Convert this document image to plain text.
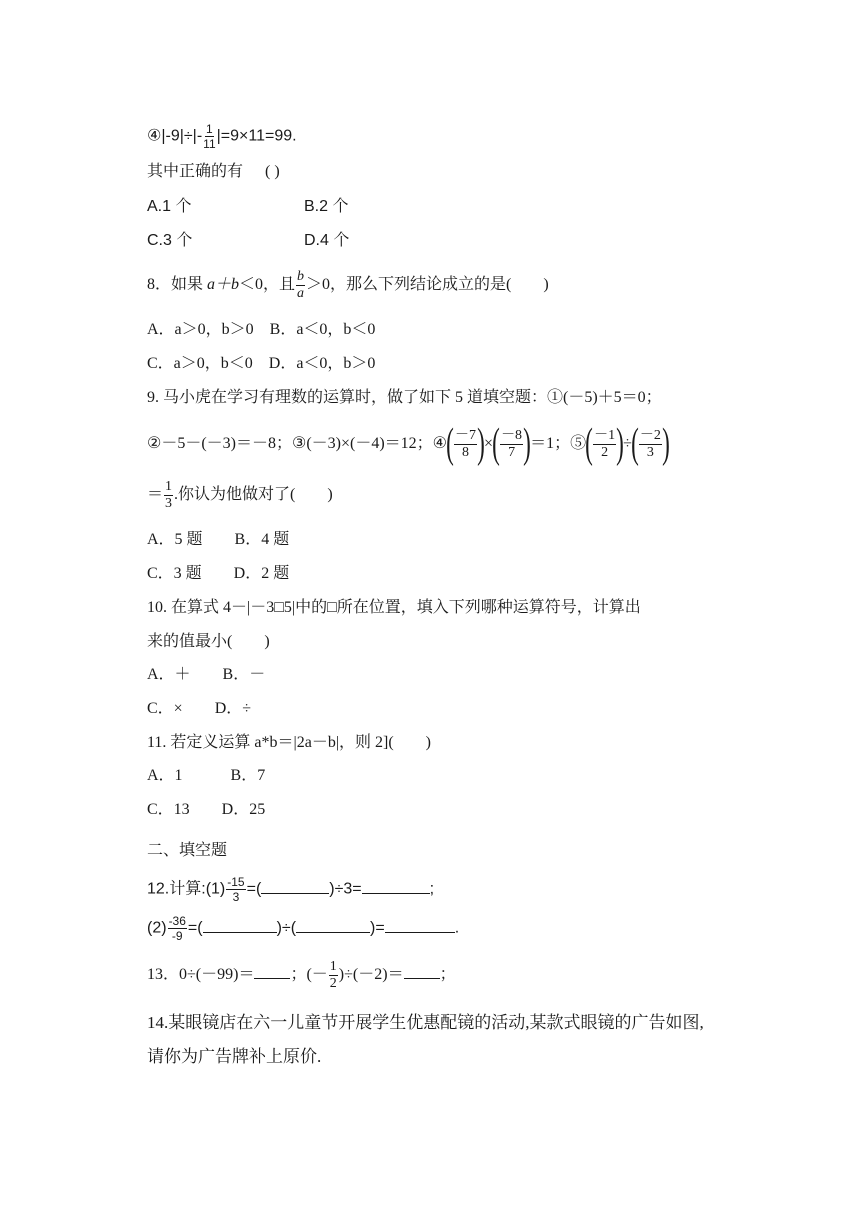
④|-9|÷|- $\frac{1}{11} |=9\times 11=99$.
其中正确的有 ( )
A.1 个	B.2 个
C.3 个	D.4 个
8．如果 a＋b＜0，且 $\frac{b}{a} >0$，那么下列结论成立的是(　　)
A．a＞0，b＞0　B．a＜0，b＜0
C．a＞0，b＜0　D．a＜0，b＞0
9. 马小虎在学习有理数的运算时，做了如下 5 道填空题：①(－5)＋5＝0；
②－5－(－3)＝－8；③(－3)×(－4)＝12；④( $\frac{-7}{8}$ )×( $\frac{-8}{7} )=1$；⑤( $\frac{-1}{2}$ )÷( $\frac{-2}{3}$ )
＝ $\frac{1}{3}$ .你认为他做对了(　　)
A．5 题　　B．4 题
C．3 题　　D．2 题
10. 在算式 4－|－3□5|中的□所在位置，填入下列哪种运算符号，计算出
来的值最小(　　)
A．＋　　B．－
C．×　　D．÷
11. 若定义运算 a*b＝|2a－b|，则 2](　　)
A．1　　　B．7
C．13　　D．25
二、填空题
12.计算:(1) $\frac{-15}{3}$ =(	)÷3=	;
$(2) \frac{-36}{-9}$ =(	)÷(	)=	.
13．0÷(－99)＝ ；(－ $\frac{1}{2} )\div(-2)=$ ；
14.某眼镜店在六一儿童节开展学生优惠配镜的活动,某款式眼镜的广告如图,
请你为广告牌补上原价.
